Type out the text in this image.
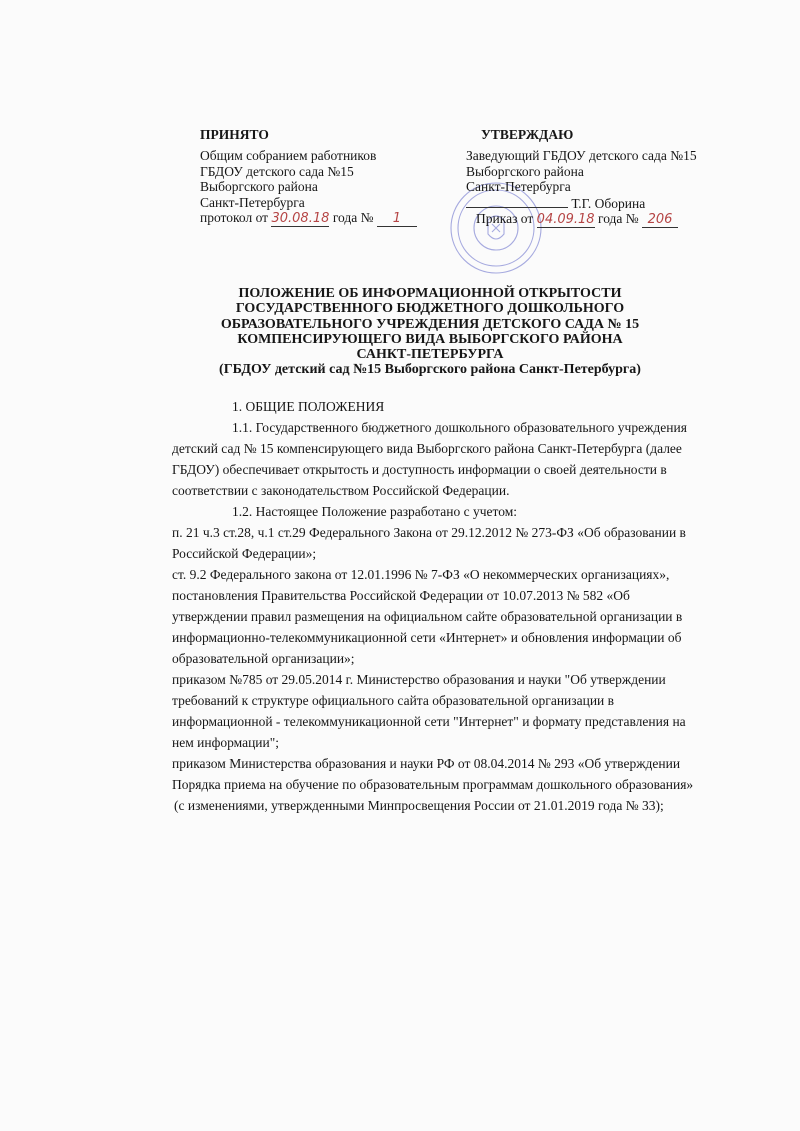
ПРИНЯТО
Общим собранием работников
ГБДОУ детского сада №15
Выборгского района
Санкт-Петербурга
протокол от 30.08.18 года № 1
УТВЕРЖДАЮ
Заведующий ГБДОУ детского сада №15
Выборгского района
Санкт-Петербурга
Т.Г. Оборина
Приказ от 04.09.18 года № 206
ПОЛОЖЕНИЕ ОБ ИНФОРМАЦИОННОЙ ОТКРЫТОСТИ
ГОСУДАРСТВЕННОГО БЮДЖЕТНОГО ДОШКОЛЬНОГО
ОБРАЗОВАТЕЛЬНОГО УЧРЕЖДЕНИЯ ДЕТСКОГО САДА № 15
КОМПЕНСИРУЮЩЕГО ВИДА ВЫБОРГСКОГО РАЙОНА
САНКТ-ПЕТЕРБУРГА
(ГБДОУ детский сад №15 Выборгского района Санкт-Петербурга)
1. ОБЩИЕ ПОЛОЖЕНИЯ
1.1. Государственного бюджетного дошкольного образовательного учреждения
детский сад № 15 компенсирующего вида Выборгского района Санкт-Петербурга (далее
ГБДОУ) обеспечивает открытость и доступность информации о своей деятельности в
соответствии с законодательством Российской Федерации.
1.2. Настоящее Положение разработано с учетом:
п. 21 ч.3 ст.28, ч.1 ст.29 Федерального Закона от 29.12.2012 № 273-ФЗ «Об образовании в
Российской Федерации»;
ст. 9.2 Федерального закона от 12.01.1996 № 7-ФЗ «О некоммерческих организациях»,
постановления Правительства Российской Федерации от 10.07.2013 № 582 «Об
утверждении правил размещения на официальном сайте образовательной организации в
информационно-телекоммуникационной сети «Интернет» и обновления информации об
образовательной организации»;
приказом №785 от 29.05.2014 г. Министерство образования и науки "Об утверждении
требований к структуре официального сайта образовательной организации в
информационной - телекоммуникационной сети "Интернет" и формату представления на
нем информации";
приказом Министерства образования и науки РФ от 08.04.2014 № 293 «Об утверждении
Порядка приема на обучение по образовательным программам дошкольного образования»
(с изменениями, утвержденными Минпросвещения России от 21.01.2019 года № 33);
